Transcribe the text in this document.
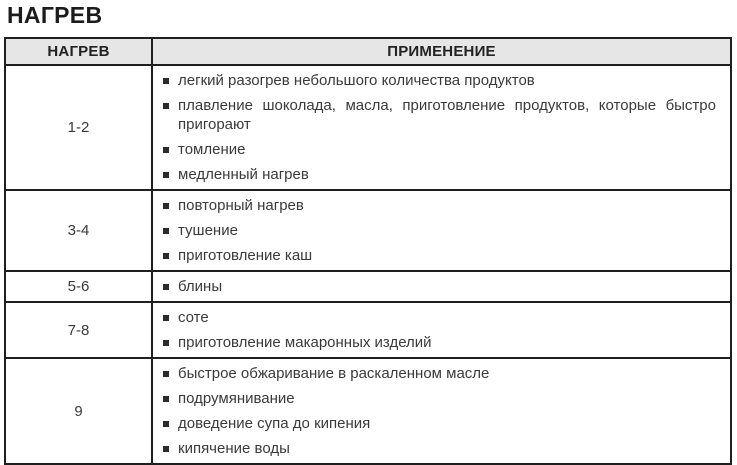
НАГРЕВ
НАГРЕВ	ПРИМЕНЕНИЕ
1-2	легкий разогрев небольшого количества продуктов
плавление шоколада, масла, приготовление продуктов, которые быстро пригорают
томление
медленный нагрев

3-4	повторный нагрев
тушение
приготовление каш

5-6	блины

7-8	соте
приготовление макаронных изделий

9	быстрое обжаривание в раскаленном масле
подрумянивание
доведение супа до кипения
кипячение воды
